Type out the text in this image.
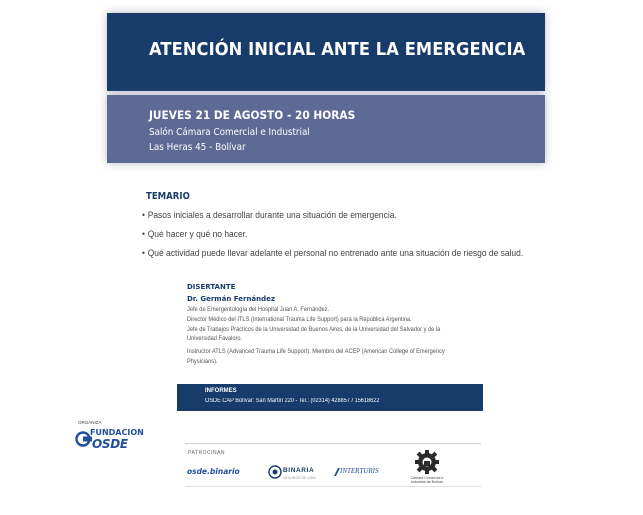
ATENCIÓN INICIAL ANTE LA EMERGENCIA
JUEVES 21 DE AGOSTO - 20 HORAS
Salón Cámara Comercial e Industrial
Las Heras 45 - Bolívar
TEMARIO
• Pasos iniciales a desarrollar durante una situación de emergencia.
• Qué hacer y qué no hacer.
• Qué actividad puede llevar adelante el personal no entrenado ante una situación de riesgo de salud.
DISERTANTE
Dr. Germán Fernández
Jefe de Emergentología del Hospital Juan A. Fernández.
Director Médico del ITLS (International Trauma Life Support) para la República Argentina.
Jefe de Trabajos Prácticos de la Universidad de Buenos Aires, de la Universidad del Salvador y de la
Universidad Favaloro.
Instructor ATLS (Advanced Trauma Life Support). Miembro del ACEP (American College of Emergency
Physicians).
INFORMES
OSDE CAP Bolívar: San Martín 220 - Tel.: (02314) 428857 / 15618622
ORGANIZA
FUNDACION
OSDE
PATROCINAN
osde.binario	BINARIA
SEGUROS DE VIDA
INTERTURIS
Cámara Comercial e Industrial de Bolívar
